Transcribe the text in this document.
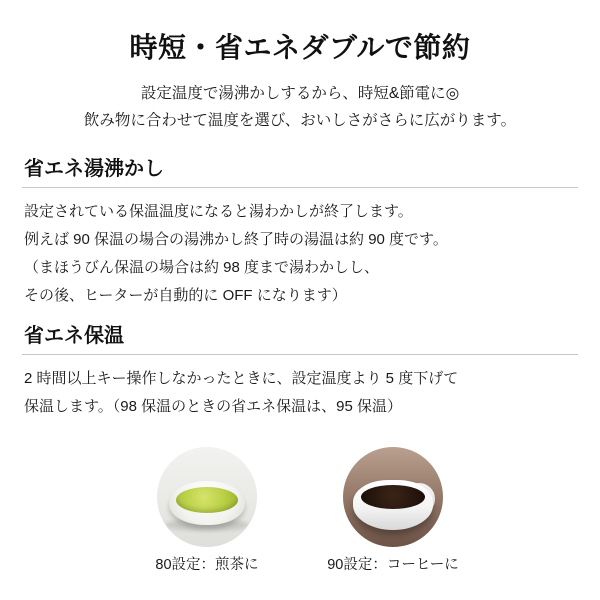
時短・省エネダブルで節約
設定温度で湯沸かしするから、時短&節電に◎
飲み物に合わせて温度を選び、おいしさがさらに広がります。
省エネ湯沸かし
設定されている保温温度になると湯わかしが終了します。
例えば 90 保温の場合の湯沸かし終了時の湯温は約 90 度です。
（まほうびん保温の場合は約 98 度まで湯わかしし、
その後、ヒーターが自動的に OFF になります）
省エネ保温
2 時間以上キー操作しなかったときに、設定温度より 5 度下げて
保温します。（98 保温のときの省エネ保温は、95 保温）
80設定：煎茶に	90設定：コーヒーに
